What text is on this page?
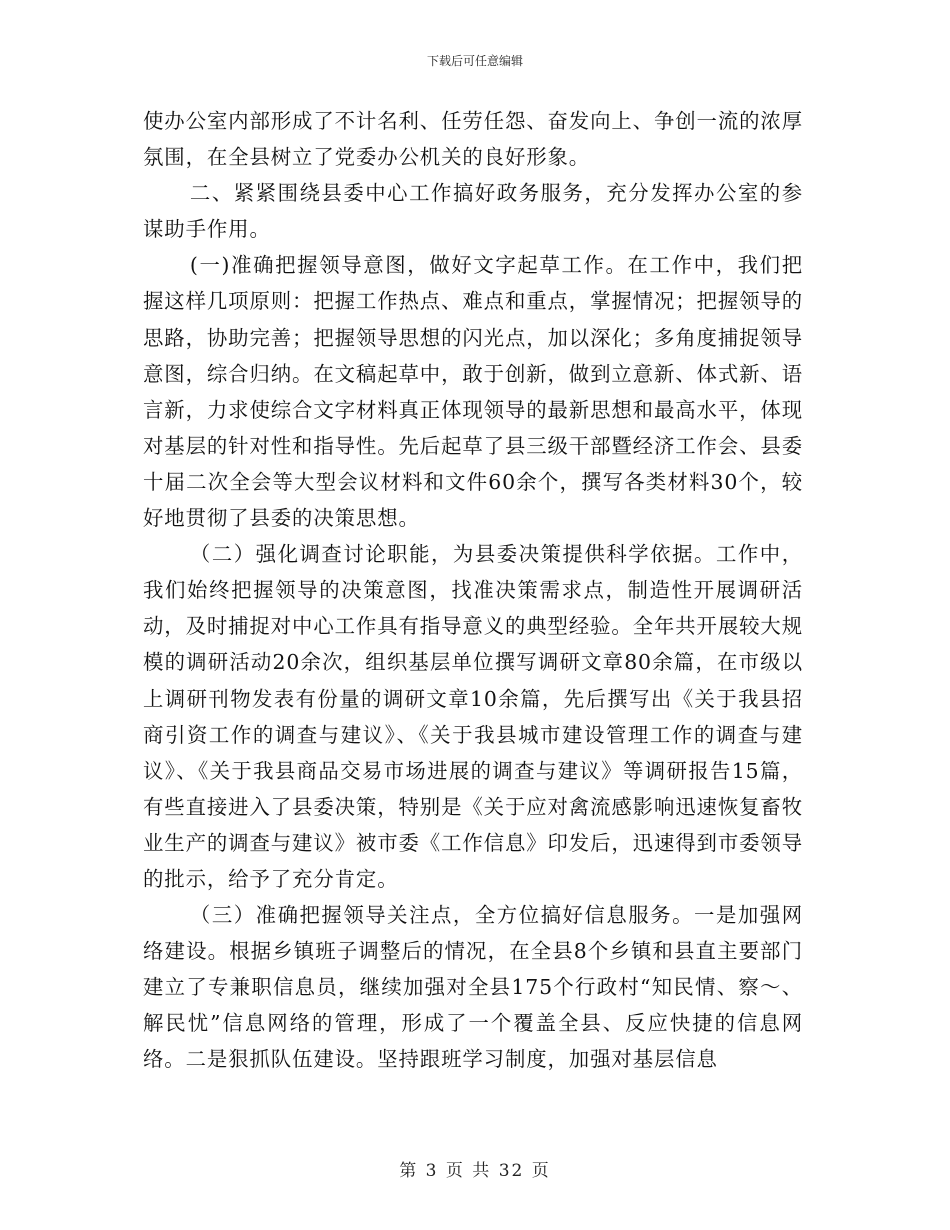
下载后可任意编辑

使办公室内部形成了不计名利、任劳任怨、奋发向上、争创一流的浓厚氛围，在全县树立了党委办公机关的良好形象。

二、紧紧围绕县委中心工作搞好政务服务，充分发挥办公室的参谋助手作用。

(一)准确把握领导意图，做好文字起草工作。在工作中，我们把握这样几项原则：把握工作热点、难点和重点，掌握情况；把握领导的思路，协助完善；把握领导思想的闪光点，加以深化；多角度捕捉领导意图，综合归纳。在文稿起草中，敢于创新，做到立意新、体式新、语言新，力求使综合文字材料真正体现领导的最新思想和最高水平，体现对基层的针对性和指导性。先后起草了县三级干部暨经济工作会、县委十届二次全会等大型会议材料和文件60余个，撰写各类材料30个，较好地贯彻了县委的决策思想。

（二）强化调查讨论职能，为县委决策提供科学依据。工作中，我们始终把握领导的决策意图，找准决策需求点，制造性开展调研活动，及时捕捉对中心工作具有指导意义的典型经验。全年共开展较大规模的调研活动20余次，组织基层单位撰写调研文章80余篇，在市级以上调研刊物发表有份量的调研文章10余篇，先后撰写出《关于我县招商引资工作的调查与建议》、《关于我县城市建设管理工作的调查与建议》、《关于我县商品交易市场进展的调查与建议》等调研报告15篇，有些直接进入了县委决策，特别是《关于应对禽流感影响迅速恢复畜牧业生产的调查与建议》被市委《工作信息》印发后，迅速得到市委领导的批示，给予了充分肯定。

（三）准确把握领导关注点，全方位搞好信息服务。一是加强网络建设。根据乡镇班子调整后的情况，在全县8个乡镇和县直主要部门建立了专兼职信息员，继续加强对全县175个行政村“知民情、察～、解民忧”信息网络的管理，形成了一个覆盖全县、反应快捷的信息网络。二是狠抓队伍建设。坚持跟班学习制度，加强对基层信息

第 3 页 共 32 页
